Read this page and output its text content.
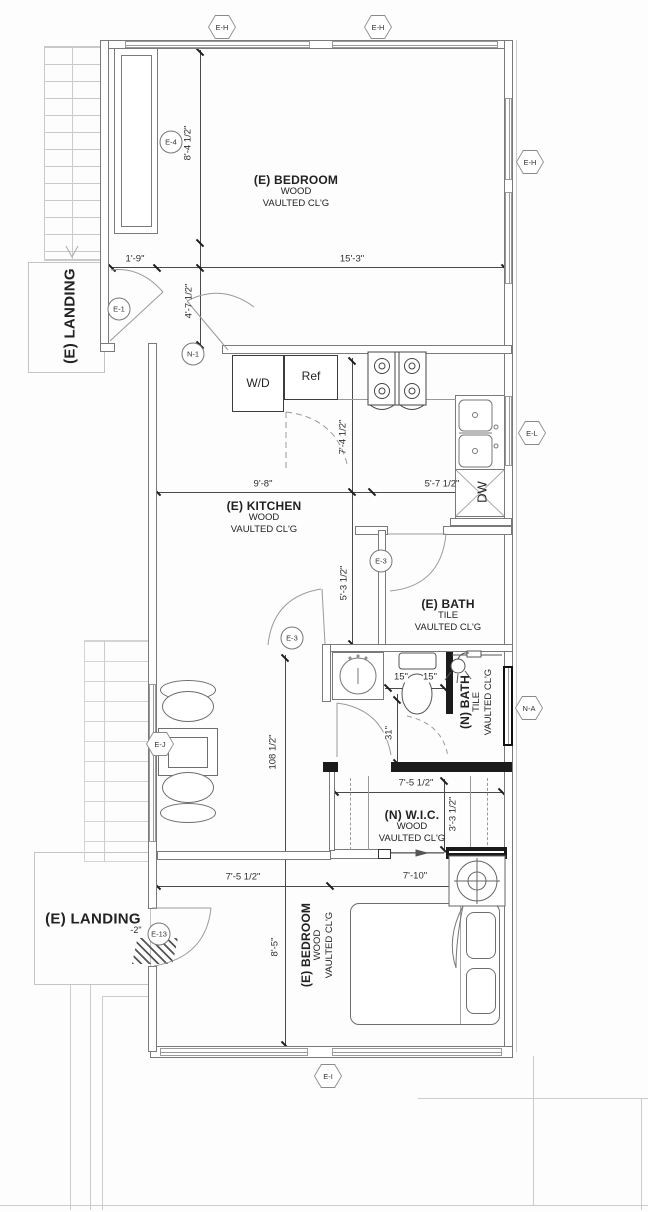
(E) BEDROOM
WOOD
VAULTED CL'G
(E) KITCHEN
WOOD
VAULTED CL'G
(E) BATH
TILE
VAULTED CL'G
(N) BATH TILE VAULTED CL'G
(N) W.I.C.
WOOD
VAULTED CL'G
(E) BEDROOM WOOD VAULTED CL'G
(E) LANDING
(E) LANDING
W/D	Ref
DW
8'-4 1/2"
1'-9"	15'-3"
4'-7 1/2"
7'-4 1/2"
9'-8"	5'-7 1/2"
5'-3 1/2"
15" 15"
31"
108 1/2"
7'-5 1/2"
3'-3 1/2"
7'-5 1/2"	7'-10"
8'-5"
-2"
E-H	E-H
E-H
E-L
N-A
E-J
E-I
E-4
E-1
N-1
E-3
E-3
E-13
